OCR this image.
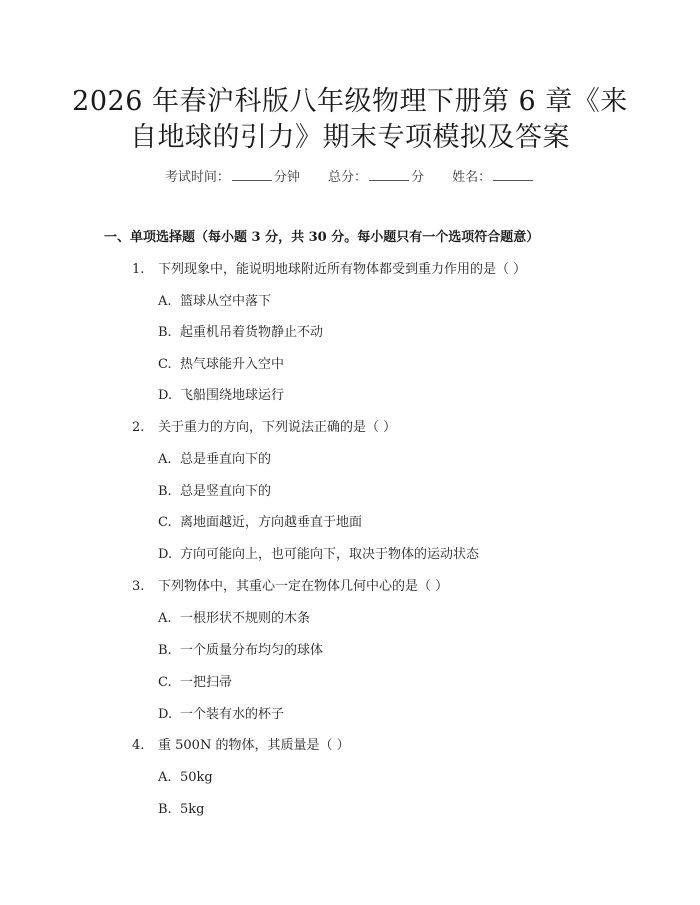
2026 年春沪科版八年级物理下册第 6 章《来
自地球的引力》期末专项模拟及答案
考试时间：	分钟 总分：	分 姓名：
一、单项选择题（每小题 3 分，共 30 分。每小题只有一个选项符合题意）
1. 下列现象中，能说明地球附近所有物体都受到重力作用的是（ ）
A. 篮球从空中落下
B. 起重机吊着货物静止不动
C. 热气球能升入空中
D. 飞船围绕地球运行
2. 关于重力的方向，下列说法正确的是（ ）
A. 总是垂直向下的
B. 总是竖直向下的
C. 离地面越近，方向越垂直于地面
D. 方向可能向上，也可能向下，取决于物体的运动状态
3. 下列物体中，其重心一定在物体几何中心的是（ ）
A. 一根形状不规则的木条
B. 一个质量分布均匀的球体
C. 一把扫帚
D. 一个装有水的杯子
4. 重 500N 的物体，其质量是（ ）
A. 50kg
B. 5kg
